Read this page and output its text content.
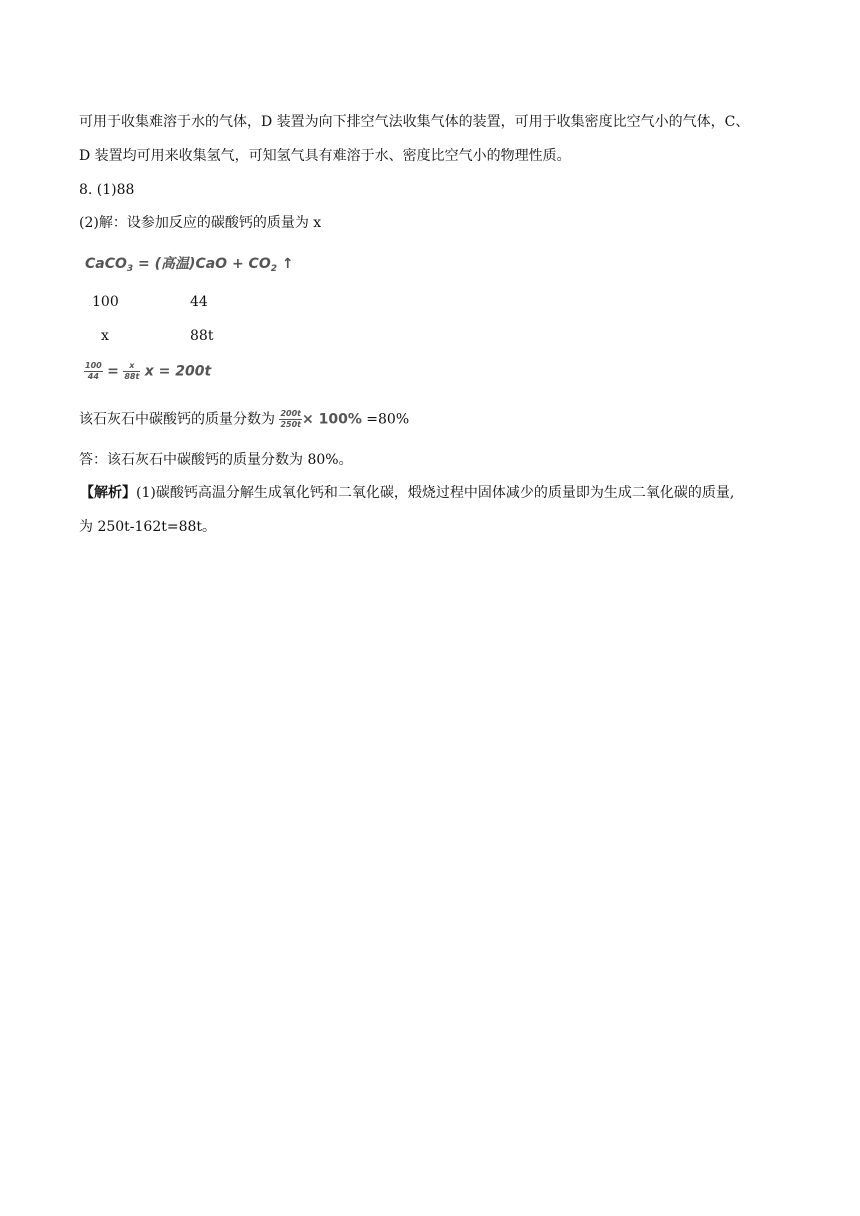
可用于收集难溶于水的气体，D 装置为向下排空气法收集气体的装置，可用于收集密度比空气小的气体，C、
D 装置均可用来收集氢气，可知氢气具有难溶于水、密度比空气小的物理性质。
8. (1)88
(2)解：设参加反应的碳酸钙的质量为 x
CaCO$_3$ = (高温)$CaO + CO_2$ ↑
100	44
x	88t
$\frac{100}{44} = \frac{x}{88t}$ x = 200t
该石灰石中碳酸钙的质量分数为 $\frac{200t}{250t} \times 100\% =80\%$
答：该石灰石中碳酸钙的质量分数为 80%。
【解析】(1)碳酸钙高温分解生成氧化钙和二氧化碳，煅烧过程中固体减少的质量即为生成二氧化碳的质量,
为 250t-162t=88t。
